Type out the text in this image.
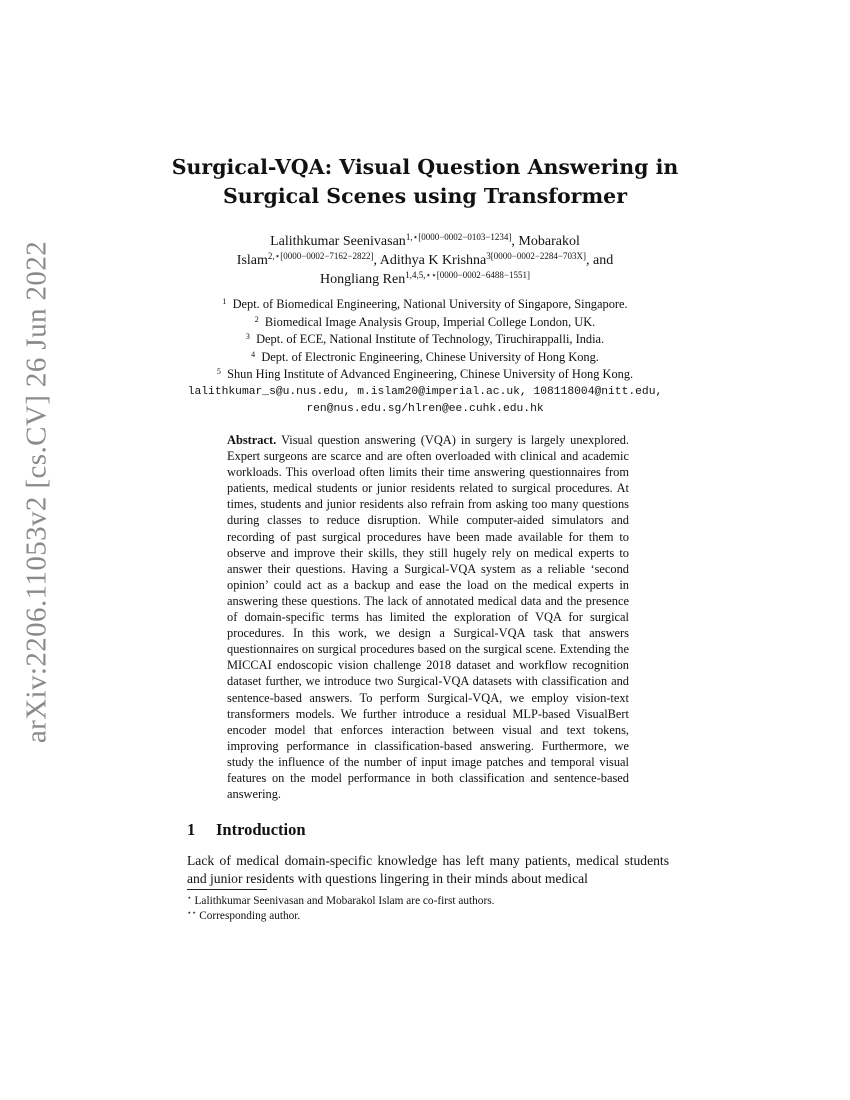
arXiv:2206.11053v2 [cs.CV] 26 Jun 2022
Surgical-VQA: Visual Question Answering in
Surgical Scenes using Transformer
Lalithkumar Seenivasan$^{1,⋆[0000-0002-0103-1234]}$, Mobarakol
Islam$^{2,⋆[0000-0002-7162-2822]}$, Adithya K Krishna$^{3[0000-0002-2284-703X]}$, and
Hongliang Ren$^{1,4,5,⋆⋆[0000-0002-6488-1551]}$
$^1$ Dept. of Biomedical Engineering, National University of Singapore, Singapore.
$^2$ Biomedical Image Analysis Group, Imperial College London, UK.
$^3$ Dept. of ECE, National Institute of Technology, Tiruchirappalli, India.
$^4$ Dept. of Electronic Engineering, Chinese University of Hong Kong.
$^5$ Shun Hing Institute of Advanced Engineering, Chinese University of Hong Kong.
lalithkumar_s@u.nus.edu, m.islam20@imperial.ac.uk, 108118004@nitt.edu,
ren@nus.edu.sg/hlren@ee.cuhk.edu.hk
Abstract. Visual question answering (VQA) in surgery is largely unexplored. Expert surgeons are scarce and are often overloaded with clinical and academic workloads. This overload often limits their time answering questionnaires from patients, medical students or junior residents related to surgical procedures. At times, students and junior residents also refrain from asking too many questions during classes to reduce disruption. While computer-aided simulators and recording of past surgical procedures have been made available for them to observe and improve their skills, they still hugely rely on medical experts to answer their questions. Having a Surgical-VQA system as a reliable ‘second opinion’ could act as a backup and ease the load on the medical experts in answering these questions. The lack of annotated medical data and the presence of domain-specific terms has limited the exploration of VQA for surgical procedures. In this work, we design a Surgical-VQA task that answers questionnaires on surgical procedures based on the surgical scene. Extending the MICCAI endoscopic vision challenge 2018 dataset and workflow recognition dataset further, we introduce two Surgical-VQA datasets with classification and sentence-based answers. To perform Surgical-VQA, we employ vision-text transformers models. We further introduce a residual MLP-based VisualBert encoder model that enforces interaction between visual and text tokens, improving performance in classification-based answering. Furthermore, we study the influence of the number of input image patches and temporal visual features on the model performance in both classification and sentence-based answering.
1 Introduction
Lack of medical domain-specific knowledge has left many patients, medical students and junior residents with questions lingering in their minds about medical
⋆ Lalithkumar Seenivasan and Mobarakol Islam are co-first authors.
⋆⋆ Corresponding author.
